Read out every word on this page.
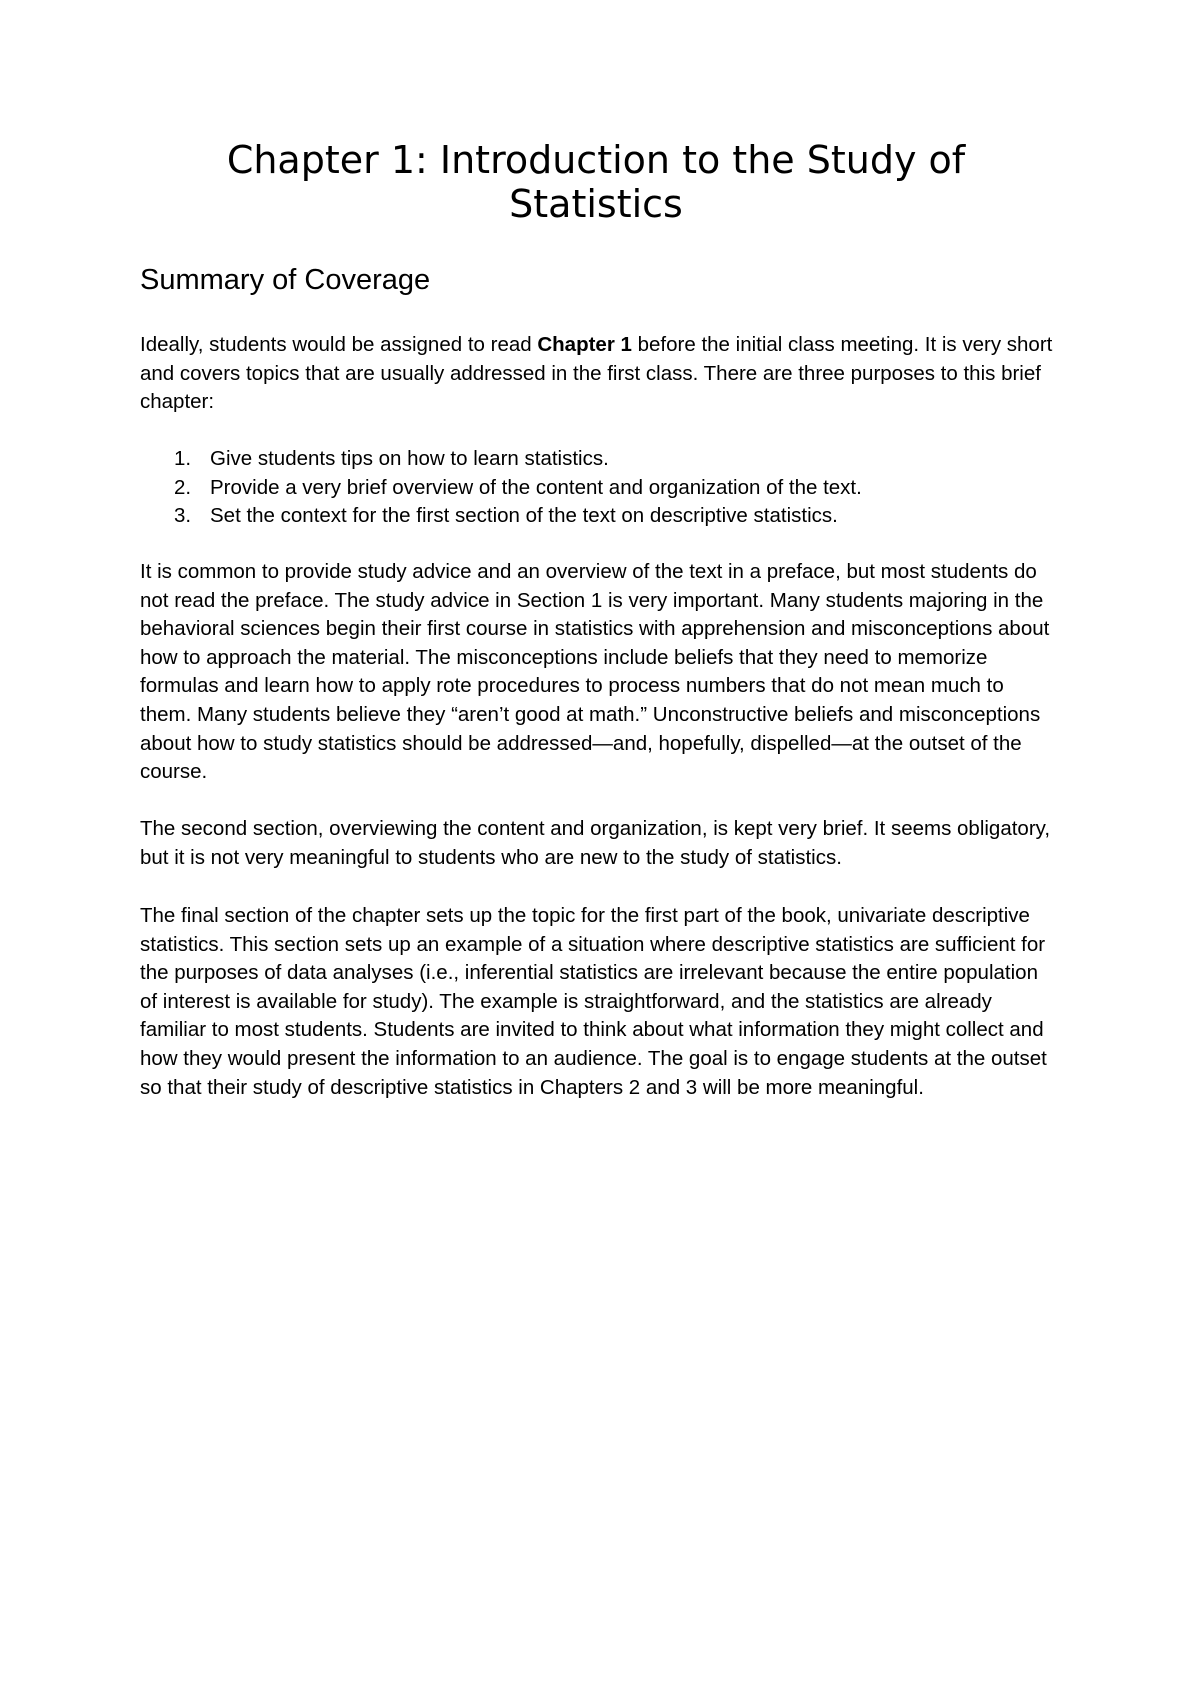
Chapter 1: Introduction to the Study of Statistics
Summary of Coverage

Ideally, students would be assigned to read Chapter 1 before the initial class meeting. It is very short and covers topics that are usually addressed in the first class. There are three purposes to this brief chapter:

1. Give students tips on how to learn statistics.
2. Provide a very brief overview of the content and organization of the text.
3. Set the context for the first section of the text on descriptive statistics.

It is common to provide study advice and an overview of the text in a preface, but most students do not read the preface. The study advice in Section 1 is very important. Many students majoring in the behavioral sciences begin their first course in statistics with apprehension and misconceptions about how to approach the material. The misconceptions include beliefs that they need to memorize formulas and learn how to apply rote procedures to process numbers that do not mean much to them. Many students believe they “aren’t good at math.” Unconstructive beliefs and misconceptions about how to study statistics should be addressed—and, hopefully, dispelled—at the outset of the course.

The second section, overviewing the content and organization, is kept very brief. It seems obligatory, but it is not very meaningful to students who are new to the study of statistics.

The final section of the chapter sets up the topic for the first part of the book, univariate descriptive statistics. This section sets up an example of a situation where descriptive statistics are sufficient for the purposes of data analyses (i.e., inferential statistics are irrelevant because the entire population of interest is available for study). The example is straightforward, and the statistics are already familiar to most students. Students are invited to think about what information they might collect and how they would present the information to an audience. The goal is to engage students at the outset so that their study of descriptive statistics in Chapters 2 and 3 will be more meaningful.
